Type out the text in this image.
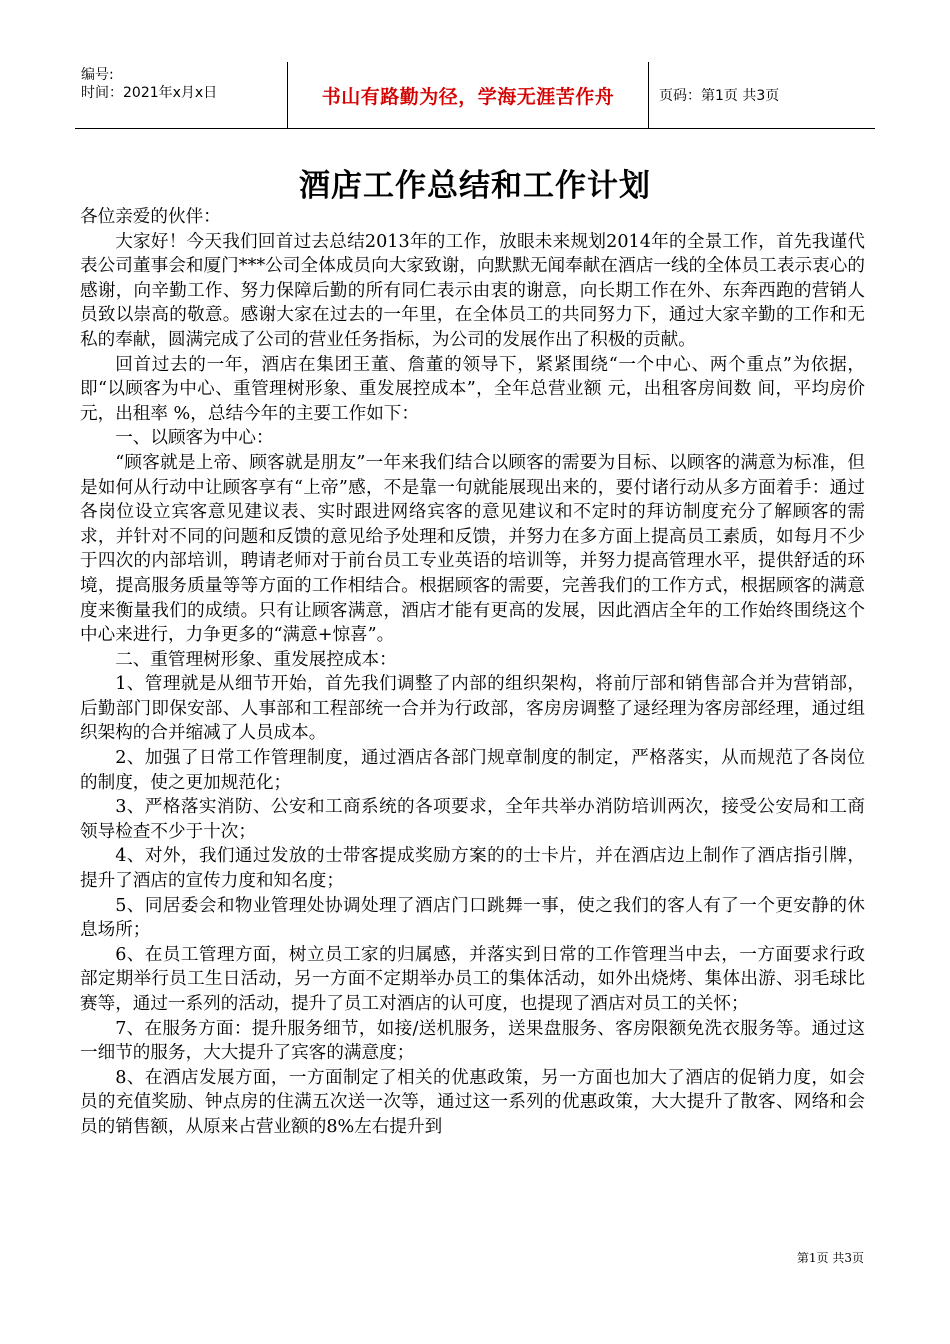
编号:
时间：2021年x月x日	书山有路勤为径，学海无涯苦作舟	页码：第1页 共3页
酒店工作总结和工作计划

各位亲爱的伙伴：

大家好！今天我们回首过去总结2013年的工作，放眼未来规划2014年的全景工作，首先我谨代表公司董事会和厦门***公司全体成员向大家致谢，向默默无闻奉献在酒店一线的全体员工表示衷心的感谢，向辛勤工作、努力保障后勤的所有同仁表示由衷的谢意，向长期工作在外、东奔西跑的营销人员致以崇高的敬意。感谢大家在过去的一年里，在全体员工的共同努力下，通过大家辛勤的工作和无私的奉献，圆满完成了公司的营业任务指标，为公司的发展作出了积极的贡献。

回首过去的一年，酒店在集团王董、詹董的领导下，紧紧围绕“一个中心、两个重点”为依据，即“以顾客为中心、重管理树形象、重发展控成本”，全年总营业额 元，出租客房间数 间，平均房价 元，出租率 %，总结今年的主要工作如下：

一、以顾客为中心：

“顾客就是上帝、顾客就是朋友”一年来我们结合以顾客的需要为目标、以顾客的满意为标准，但是如何从行动中让顾客享有“上帝”感，不是靠一句就能展现出来的，要付诸行动从多方面着手：通过各岗位设立宾客意见建议表、实时跟进网络宾客的意见建议和不定时的拜访制度充分了解顾客的需求，并针对不同的问题和反馈的意见给予处理和反馈，并努力在多方面上提高员工素质，如每月不少于四次的内部培训，聘请老师对于前台员工专业英语的培训等，并努力提高管理水平，提供舒适的环境，提高服务质量等等方面的工作相结合。根据顾客的需要，完善我们的工作方式，根据顾客的满意度来衡量我们的成绩。只有让顾客满意，酒店才能有更高的发展，因此酒店全年的工作始终围绕这个中心来进行，力争更多的“满意+惊喜”。

二、重管理树形象、重发展控成本：

1、管理就是从细节开始，首先我们调整了内部的组织架构，将前厅部和销售部合并为营销部，后勤部门即保安部、人事部和工程部统一合并为行政部，客房房调整了逯经理为客房部经理，通过组织架构的合并缩减了人员成本。

2、加强了日常工作管理制度，通过酒店各部门规章制度的制定，严格落实，从而规范了各岗位的制度，使之更加规范化；

3、严格落实消防、公安和工商系统的各项要求，全年共举办消防培训两次，接受公安局和工商领导检查不少于十次；

4、对外，我们通过发放的士带客提成奖励方案的的士卡片，并在酒店边上制作了酒店指引牌，提升了酒店的宣传力度和知名度；

5、同居委会和物业管理处协调处理了酒店门口跳舞一事，使之我们的客人有了一个更安静的休息场所；

6、在员工管理方面，树立员工家的归属感，并落实到日常的工作管理当中去，一方面要求行政部定期举行员工生日活动，另一方面不定期举办员工的集体活动，如外出烧烤、集体出游、羽毛球比赛等，通过一系列的活动，提升了员工对酒店的认可度，也提现了酒店对员工的关怀；

7、在服务方面：提升服务细节，如接/送机服务，送果盘服务、客房限额免洗衣服务等。通过这一细节的服务，大大提升了宾客的满意度；

8、在酒店发展方面，一方面制定了相关的优惠政策，另一方面也加大了酒店的促销力度，如会员的充值奖励、钟点房的住满五次送一次等，通过这一系列的优惠政策，大大提升了散客、网络和会员的销售额，从原来占营业额的8%左右提升到

第1页 共3页
